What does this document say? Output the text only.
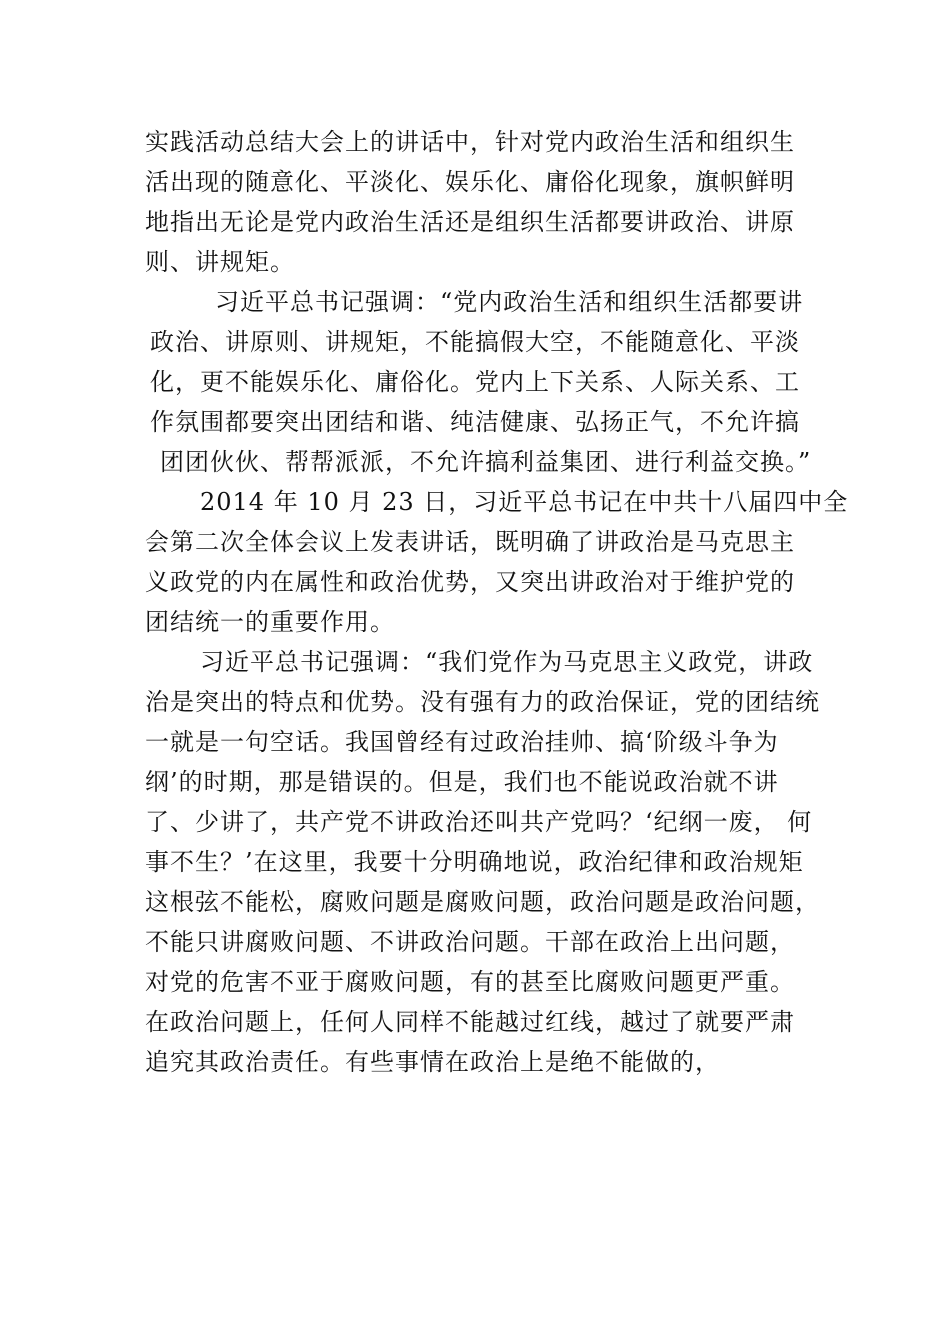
实践活动总结大会上的讲话中，针对党内政治生活和组织生
活出现的随意化、平淡化、娱乐化、庸俗化现象，旗帜鲜明
地指出无论是党内政治生活还是组织生活都要讲政治、讲原
则、讲规矩。
习近平总书记强调：“党内政治生活和组织生活都要讲
政治、讲原则、讲规矩，不能搞假大空，不能随意化、平淡
化，更不能娱乐化、庸俗化。党内上下关系、人际关系、工
作氛围都要突出团结和谐、纯洁健康、弘扬正气，不允许搞
团团伙伙、帮帮派派，不允许搞利益集团、进行利益交换。”
2014 年 10 月 23 日，习近平总书记在中共十八届四中全
会第二次全体会议上发表讲话，既明确了讲政治是马克思主
义政党的内在属性和政治优势，又突出讲政治对于维护党的
团结统一的重要作用。
习近平总书记强调：“我们党作为马克思主义政党，讲政
治是突出的特点和优势。没有强有力的政治保证，党的团结统
一就是一句空话。我国曾经有过政治挂帅、搞‘阶级斗争为
纲’的时期，那是错误的。但是，我们也不能说政治就不讲
了、少讲了，共产党不讲政治还叫共产党吗？‘纪纲一废， 何
事不生？’在这里，我要十分明确地说，政治纪律和政治规矩
这根弦不能松，腐败问题是腐败问题，政治问题是政治问题，
不能只讲腐败问题、不讲政治问题。干部在政治上出问题，
对党的危害不亚于腐败问题，有的甚至比腐败问题更严重。
在政治问题上，任何人同样不能越过红线，越过了就要严肃
追究其政治责任。有些事情在政治上是绝不能做的，
